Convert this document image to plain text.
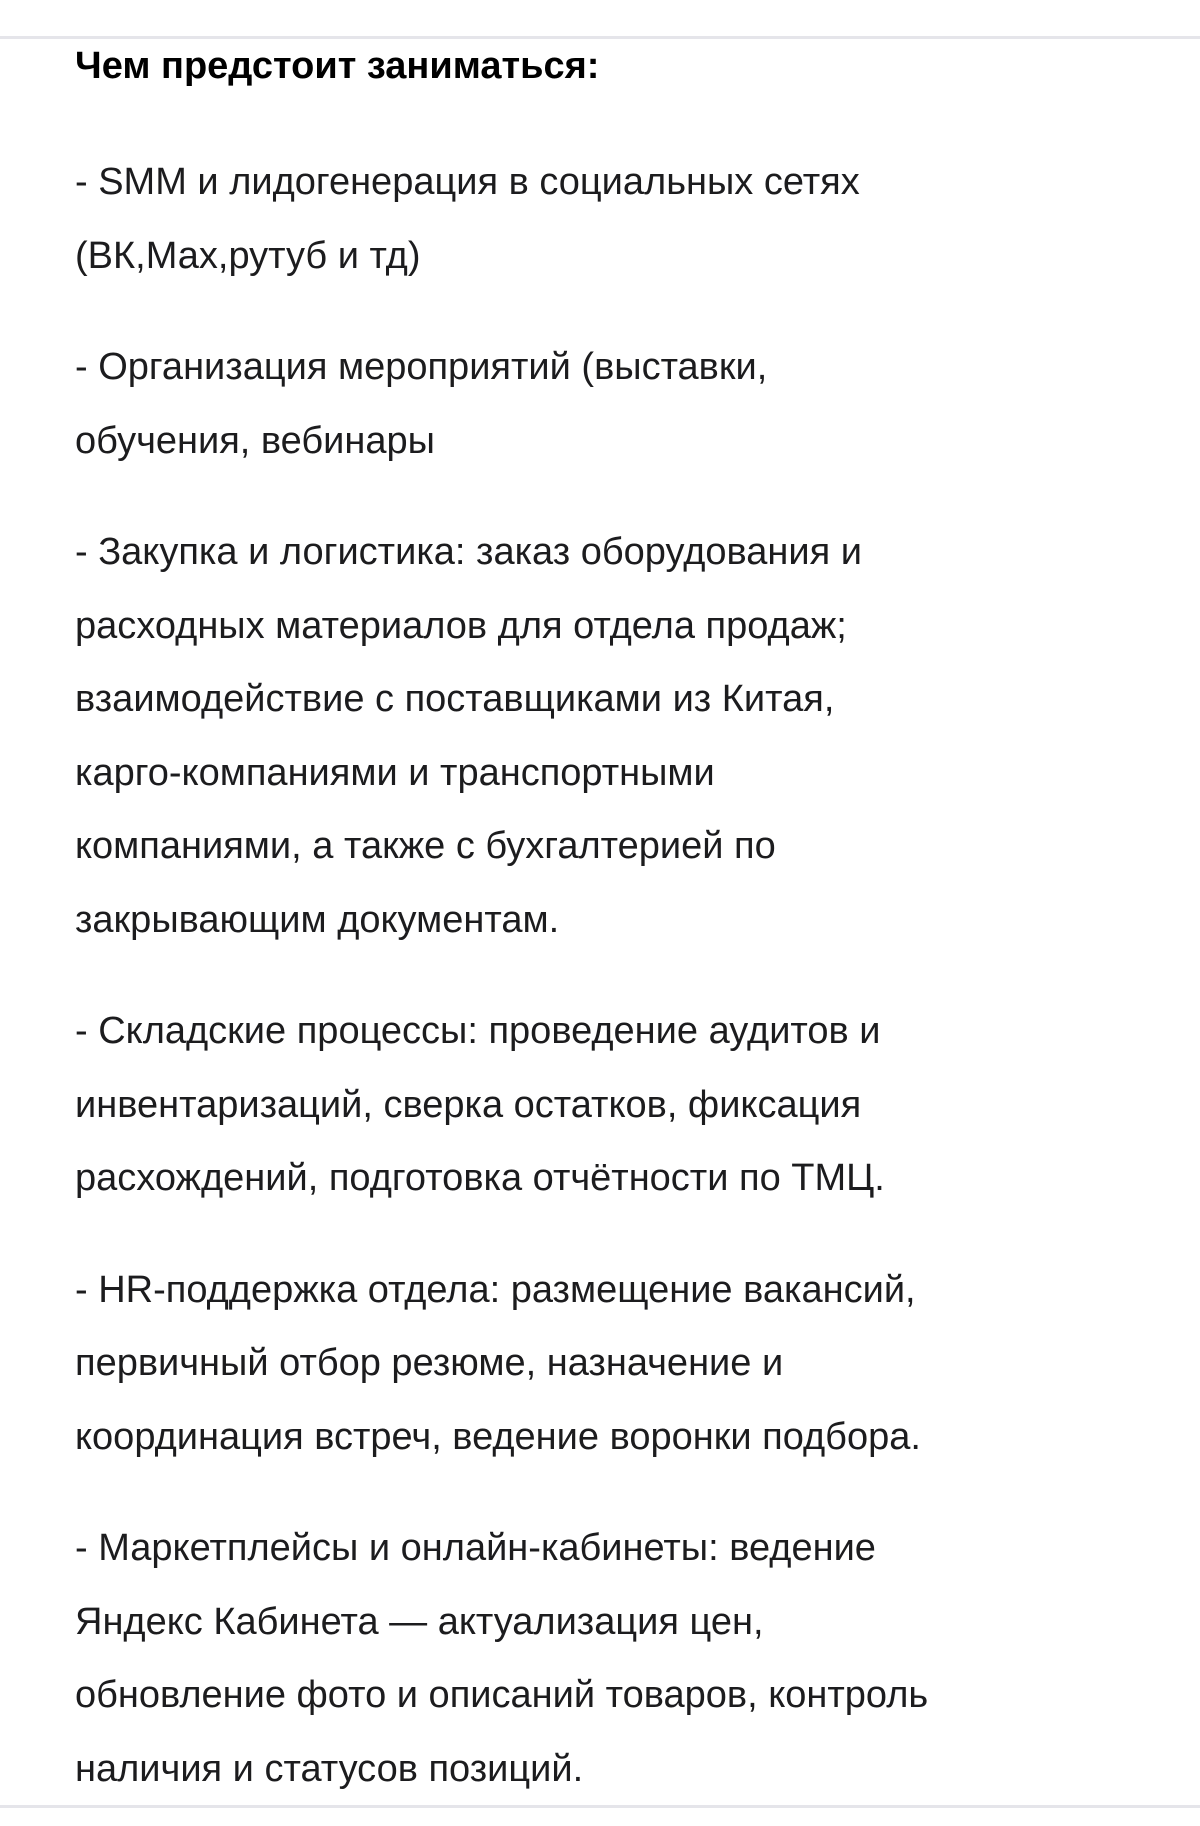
Чем предстоит заниматься:

- SMM и лидогенерация в социальных сетях
(ВК,Мах,рутуб и тд)

- Организация мероприятий (выставки,
обучения, вебинары

- Закупка и логистика: заказ оборудования и
расходных материалов для отдела продаж;
взаимодействие с поставщиками из Китая,
карго-компаниями и транспортными
компаниями, а также с бухгалтерией по
закрывающим документам.

- Складские процессы: проведение аудитов и
инвентаризаций, сверка остатков, фиксация
расхождений, подготовка отчётности по ТМЦ.

- HR-поддержка отдела: размещение вакансий,
первичный отбор резюме, назначение и
координация встреч, ведение воронки подбора.

- Маркетплейсы и онлайн-кабинеты: ведение
Яндекс Кабинета — актуализация цен,
обновление фото и описаний товаров, контроль
наличия и статусов позиций.
